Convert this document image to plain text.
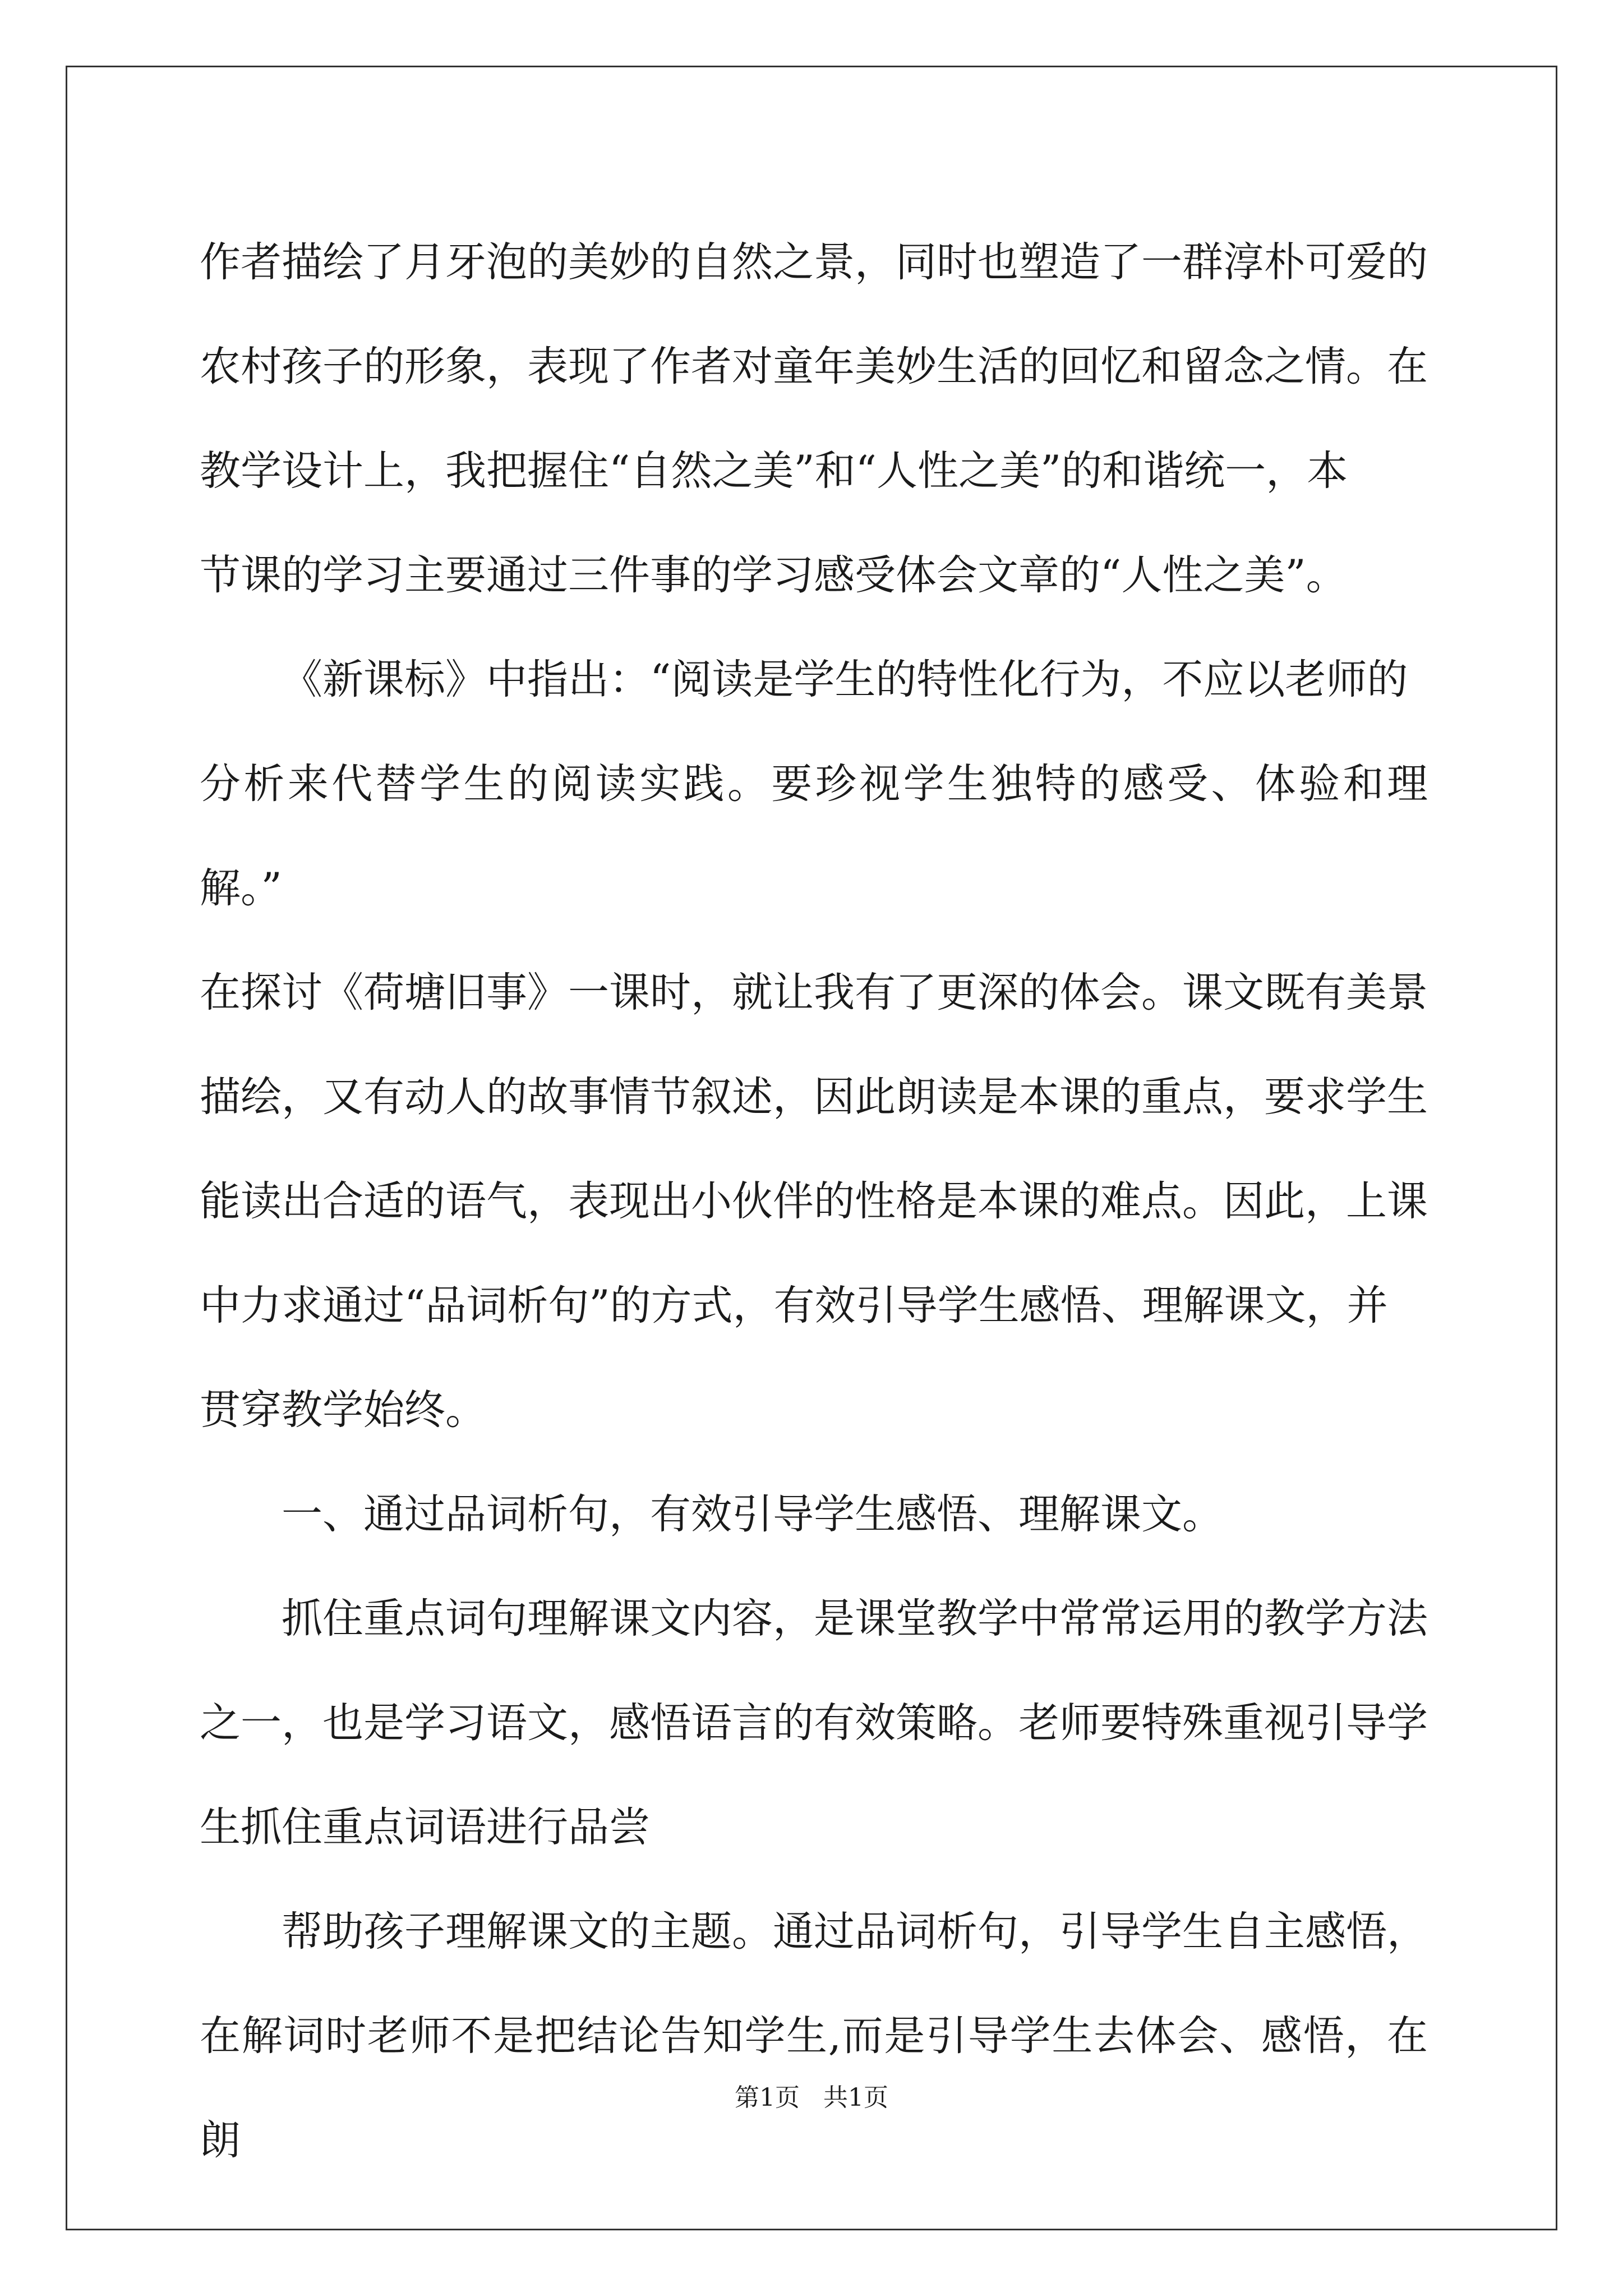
作者描绘了月牙泡的美妙的自然之景，同时也塑造了一群淳朴可爱的
农村孩子的形象，表现了作者对童年美妙生活的回忆和留念之情。在
教学设计上，我把握住“自然之美”和“人性之美”的和谐统一，本
节课的学习主要通过三件事的学习感受体会文章的“人性之美”。

《新课标》中指出：“阅读是学生的特性化行为，不应以老师的
分析来代替学生的阅读实践。要珍视学生独特的感受、体验和理解。”
在探讨《荷塘旧事》一课时，就让我有了更深的体会。课文既有美景
描绘，又有动人的故事情节叙述，因此朗读是本课的重点，要求学生
能读出合适的语气，表现出小伙伴的性格是本课的难点。因此，上课
中力求通过“品词析句”的方式，有效引导学生感悟、理解课文，并
贯穿教学始终。

一、通过品词析句，有效引导学生感悟、理解课文。

抓住重点词句理解课文内容，是课堂教学中常常运用的教学方法
之一，也是学习语文，感悟语言的有效策略。老师要特殊重视引导学
生抓住重点词语进行品尝

帮助孩子理解课文的主题。通过品词析句，引导学生自主感悟，
在解词时老师不是把结论告知学生,而是引导学生去体会、感悟，在朗

第1页   共1页
